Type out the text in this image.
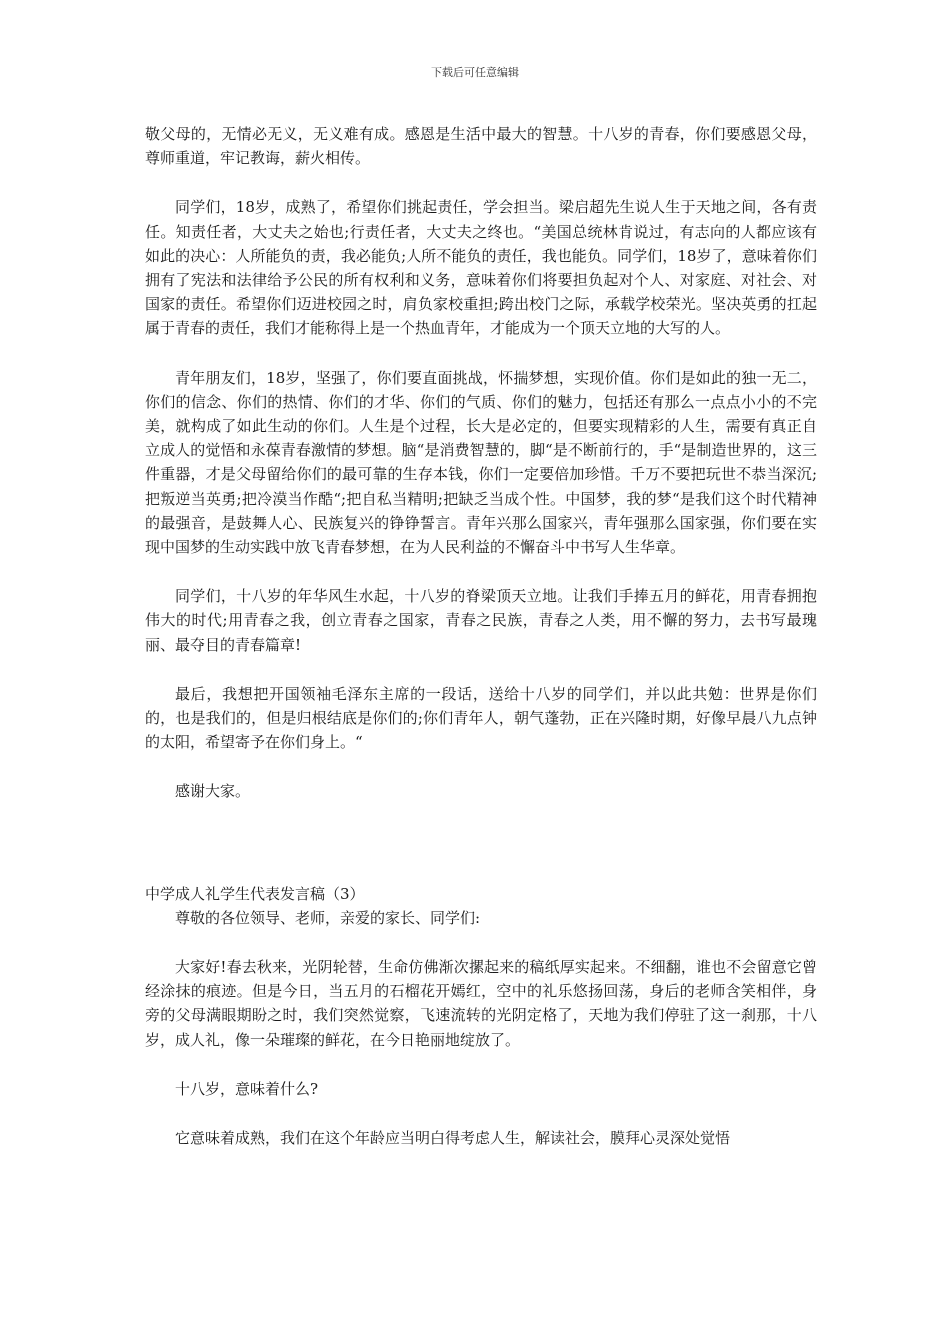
下载后可任意编辑

敬父母的，无情必无义，无义难有成。感恩是生活中最大的智慧。十八岁的青春，你们要感恩父母，尊师重道，牢记教诲，薪火相传。

同学们，18岁，成熟了，希望你们挑起责任，学会担当。梁启超先生说人生于天地之间，各有责任。知责任者，大丈夫之始也;行责任者，大丈夫之终也。“美国总统林肯说过，有志向的人都应该有如此的决心：人所能负的责，我必能负;人所不能负的责任，我也能负。同学们，18岁了，意味着你们拥有了宪法和法律给予公民的所有权利和义务，意味着你们将要担负起对个人、对家庭、对社会、对国家的责任。希望你们迈进校园之时，肩负家校重担;跨出校门之际，承载学校荣光。坚决英勇的扛起属于青春的责任，我们才能称得上是一个热血青年，才能成为一个顶天立地的大写的人。

青年朋友们，18岁，坚强了，你们要直面挑战，怀揣梦想，实现价值。你们是如此的独一无二，你们的信念、你们的热情、你们的才华、你们的气质、你们的魅力，包括还有那么一点点小小的不完美，就构成了如此生动的你们。人生是个过程，长大是必定的，但要实现精彩的人生，需要有真正自立成人的觉悟和永葆青春激情的梦想。脑“是消费智慧的，脚“是不断前行的，手“是制造世界的，这三件重器，才是父母留给你们的最可靠的生存本钱，你们一定要倍加珍惜。千万不要把玩世不恭当深沉;把叛逆当英勇;把冷漠当作酷“;把自私当精明;把缺乏当成个性。中国梦，我的梦“是我们这个时代精神的最强音，是鼓舞人心、民族复兴的铮铮誓言。青年兴那么国家兴，青年强那么国家强，你们要在实现中国梦的生动实践中放飞青春梦想，在为人民利益的不懈奋斗中书写人生华章。

同学们，十八岁的年华风生水起，十八岁的脊梁顶天立地。让我们手捧五月的鲜花，用青春拥抱伟大的时代;用青春之我，创立青春之国家，青春之民族，青春之人类，用不懈的努力，去书写最瑰丽、最夺目的青春篇章!

最后，我想把开国领袖毛泽东主席的一段话，送给十八岁的同学们，并以此共勉：世界是你们的，也是我们的，但是归根结底是你们的;你们青年人，朝气蓬勃，正在兴隆时期，好像早晨八九点钟的太阳，希望寄予在你们身上。“

感谢大家。

中学成人礼学生代表发言稿（3）

尊敬的各位领导、老师，亲爱的家长、同学们:

大家好!春去秋来，光阴轮替，生命仿佛渐次摞起来的稿纸厚实起来。不细翻，谁也不会留意它曾经涂抹的痕迹。但是今日，当五月的石榴花开嫣红，空中的礼乐悠扬回荡，身后的老师含笑相伴，身旁的父母满眼期盼之时，我们突然觉察，飞速流转的光阴定格了，天地为我们停驻了这一刹那，十八岁，成人礼，像一朵璀璨的鲜花，在今日艳丽地绽放了。

十八岁，意味着什么?

它意味着成熟，我们在这个年龄应当明白得考虑人生，解读社会，膜拜心灵深处觉悟
